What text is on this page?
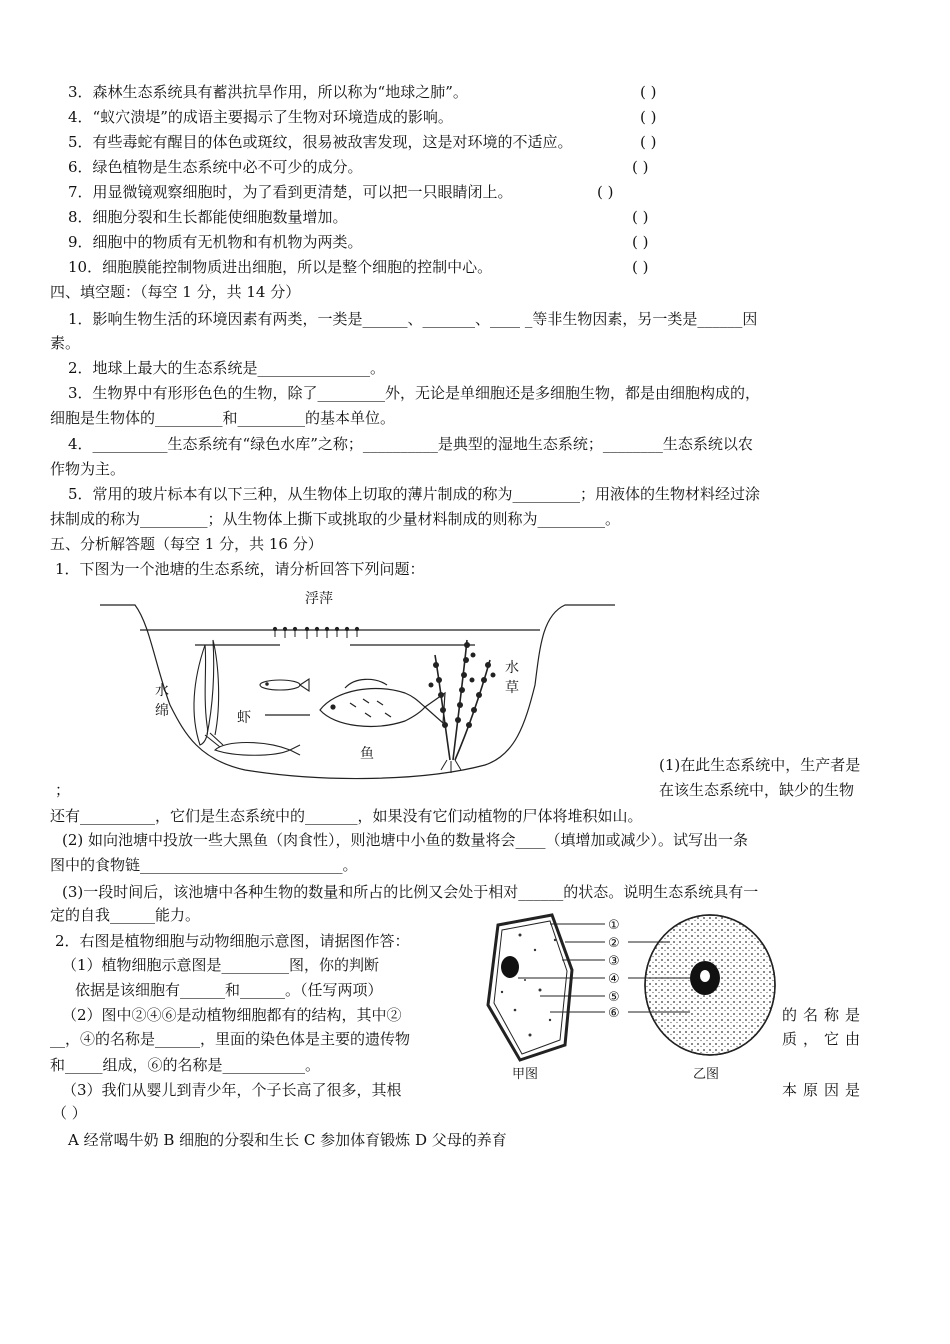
3．森林生态系统具有蓄洪抗旱作用，所以称为“地球之肺”。	( )
4．“蚁穴溃堤”的成语主要揭示了生物对环境造成的影响。	( )
5．有些毒蛇有醒目的体色或斑纹，很易被敌害发现，这是对环境的不适应。	( )
6．绿色植物是生态系统中必不可少的成分。	( )
7．用显微镜观察细胞时，为了看到更清楚，可以把一只眼睛闭上。	( )
8．细胞分裂和生长都能使细胞数量增加。	( )
9．细胞中的物质有无机物和有机物为两类。	( )
10．细胞膜能控制物质进出细胞，所以是整个细胞的控制中心。	( )
四、填空题：（每空 1 分，共 14 分）
1．影响生物生活的环境因素有两类，一类是______、_______、____ _等非生物因素，另一类是______因
素。
2．地球上最大的生态系统是_______________。
3．生物界中有形形色色的生物，除了_________外，无论是单细胞还是多细胞生物，都是由细胞构成的，
细胞是生物体的_________和_________的基本单位。
4．__________生态系统有“绿色水库”之称；__________是典型的湿地生态系统；________生态系统以农
作物为主。
5．常用的玻片标本有以下三种，从生物体上切取的薄片制成的称为_________；用液体的生物材料经过涂
抹制成的称为_________；从生物体上撕下或挑取的少量材料制成的则称为_________。
五、分析解答题（每空 1 分，共 16 分）
1．下图为一个池塘的生态系统，请分析回答下列问题：
浮萍
水
绵	虾
鱼
水
草
(1)在此生态系统中，生产者是
；	在该生态系统中，缺少的生物
还有__________，它们是生态系统中的_______，如果没有它们动植物的尸体将堆积如山。
(2) 如向池塘中投放一些大黑鱼（肉食性），则池塘中小鱼的数量将会____（填增加或减少）。试写出一条
图中的食物链___________________________。
(3)一段时间后，该池塘中各种生物的数量和所占的比例又会处于相对______的状态。说明生态系统具有一
定的自我______能力。
2．右图是植物细胞与动物细胞示意图，请据图作答：
（1）植物细胞示意图是_________图，你的判断
依据是该细胞有______和______。（任写两项）
（2）图中②④⑥是动植物细胞都有的结构，其中②	的名称是
__，④的名称是______，里面的染色体是主要的遗传物	质，它由
和_____组成，⑥的名称是___________。
（3）我们从婴儿到青少年，个子长高了很多，其根	本原因是
（ ）
A 经常喝牛奶 B 细胞的分裂和生长 C 参加体育锻炼 D 父母的养育
①
②
③
④
⑤
⑥
甲图	乙图
